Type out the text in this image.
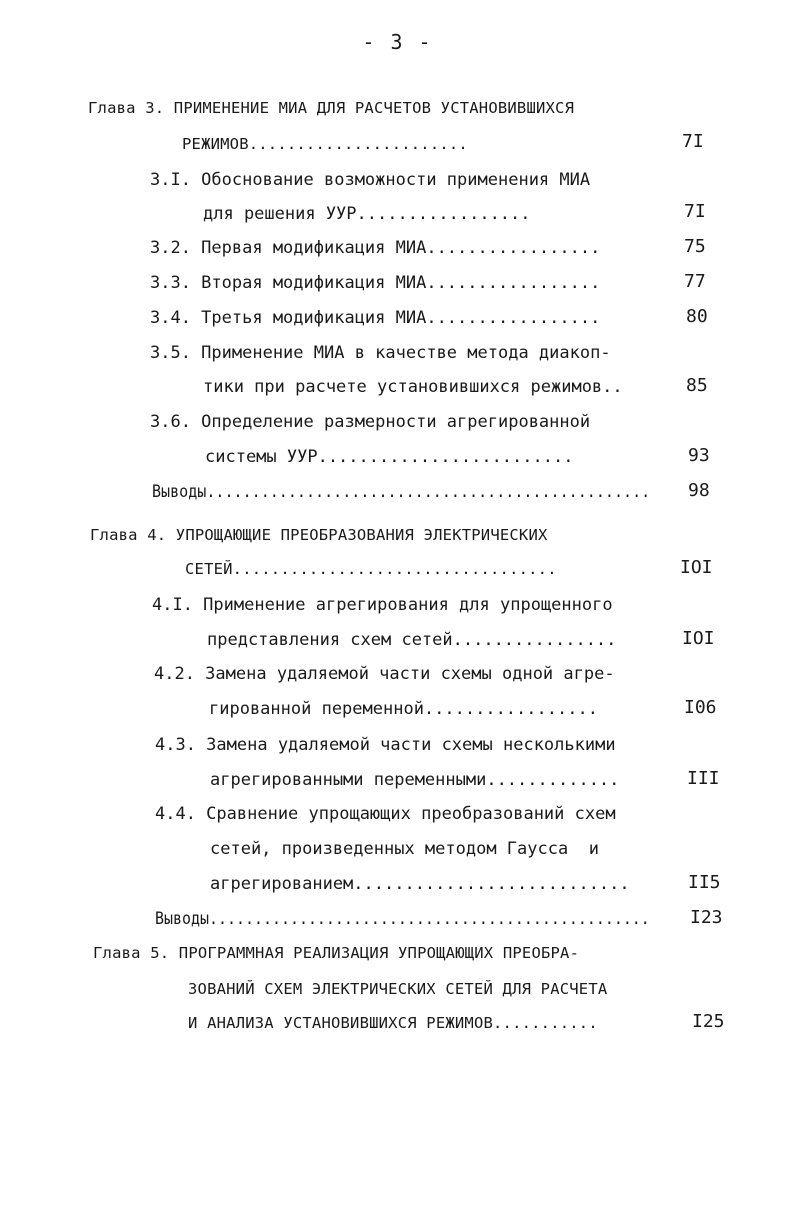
- 3 -
Глава 3. ПРИМЕНЕНИЕ МИА ДЛЯ РАСЧЕТОВ УСТАНОВИВШИХСЯ
РЕЖИМОВ.......................	7I
3.I. Обоснование возможности применения МИА
для решения УУР.................	7I
3.2. Первая модификация МИА.................	75
3.3. Вторая модификация МИА.................	77
3.4. Третья модификация МИА.................	80
3.5. Применение МИА в качестве метода диакоп-
тики при расчете установившихся режимов..	85
3.6. Определение размерности агрегированной
системы УУР.........................	93
Выводы................................................. 98
Глава 4. УПРОЩАЮЩИЕ ПРЕОБРАЗОВАНИЯ ЭЛЕКТРИЧЕСКИХ
СЕТЕЙ..................................	IOI
4.I. Применение агрегирования для упрощенного
представления схем сетей................	IOI
4.2. Замена удаляемой части схемы одной агре-
гированной переменной.................	I06
4.3. Замена удаляемой части схемы несколькими
агрегированными переменными.............	III
4.4. Сравнение упрощающих преобразований схем
сетей, произведенных методом Гаусса  и
агрегированием...........................	II5
Выводы................................................. I23
Глава 5. ПРОГРАММНАЯ РЕАЛИЗАЦИЯ УПРОЩАЮЩИХ ПРЕОБРА-
ЗОВАНИЙ СХЕМ ЭЛЕКТРИЧЕСКИХ СЕТЕЙ ДЛЯ РАСЧЕТА
И АНАЛИЗА УСТАНОВИВШИХСЯ РЕЖИМОВ...........	I25
